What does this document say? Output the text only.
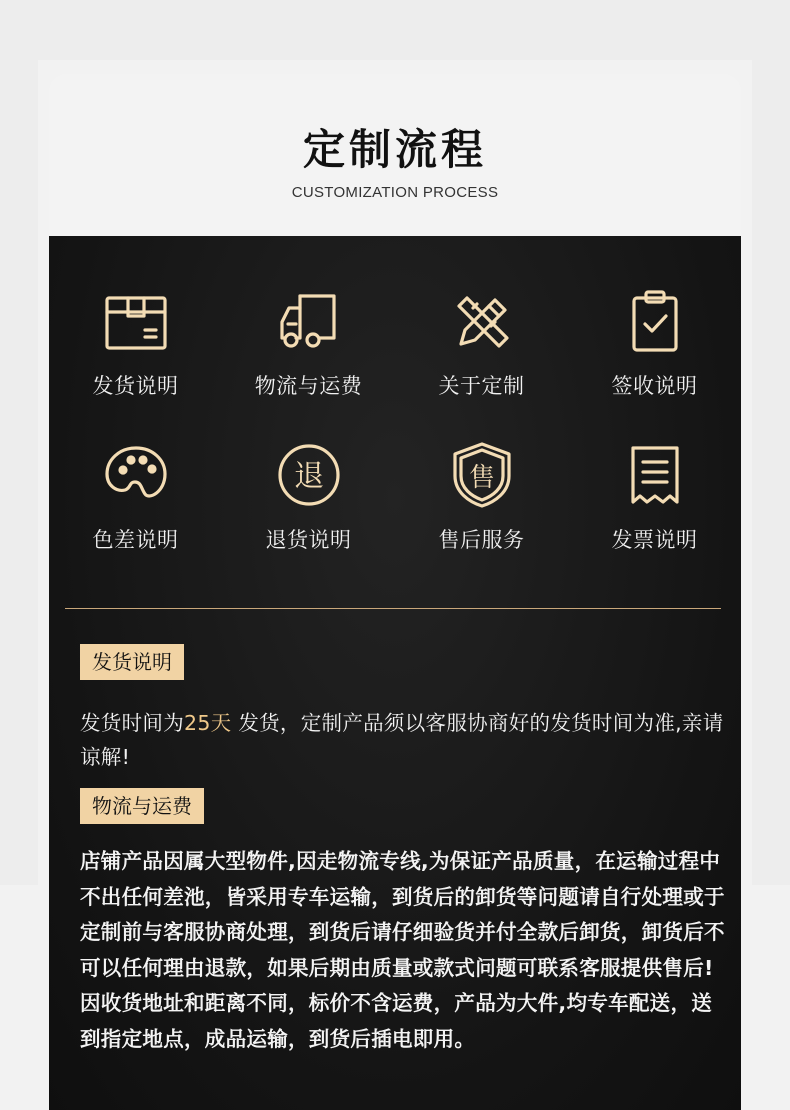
定制流程
CUSTOMIZATION PROCESS
发货说明	物流与运费	关于定制	签收说明
色差说明
退
退货说明
售
售后服务	发票说明
发货说明
发货时间为25天 发货，定制产品须以客服协商好的发货时间为准,亲请谅解!
物流与运费
店铺产品因属大型物件,因走物流专线,为保证产品质量，在运输过程中不出任何差池，皆采用专车运输，到货后的卸货等问题请自行处理或于定制前与客服协商处理，到货后请仔细验货并付全款后卸货，卸货后不可以任何理由退款，如果后期由质量或款式问题可联系客服提供售后!因收货地址和距离不同，标价不含运费，产品为大件,均专车配送，送到指定地点，成品运输，到货后插电即用。
